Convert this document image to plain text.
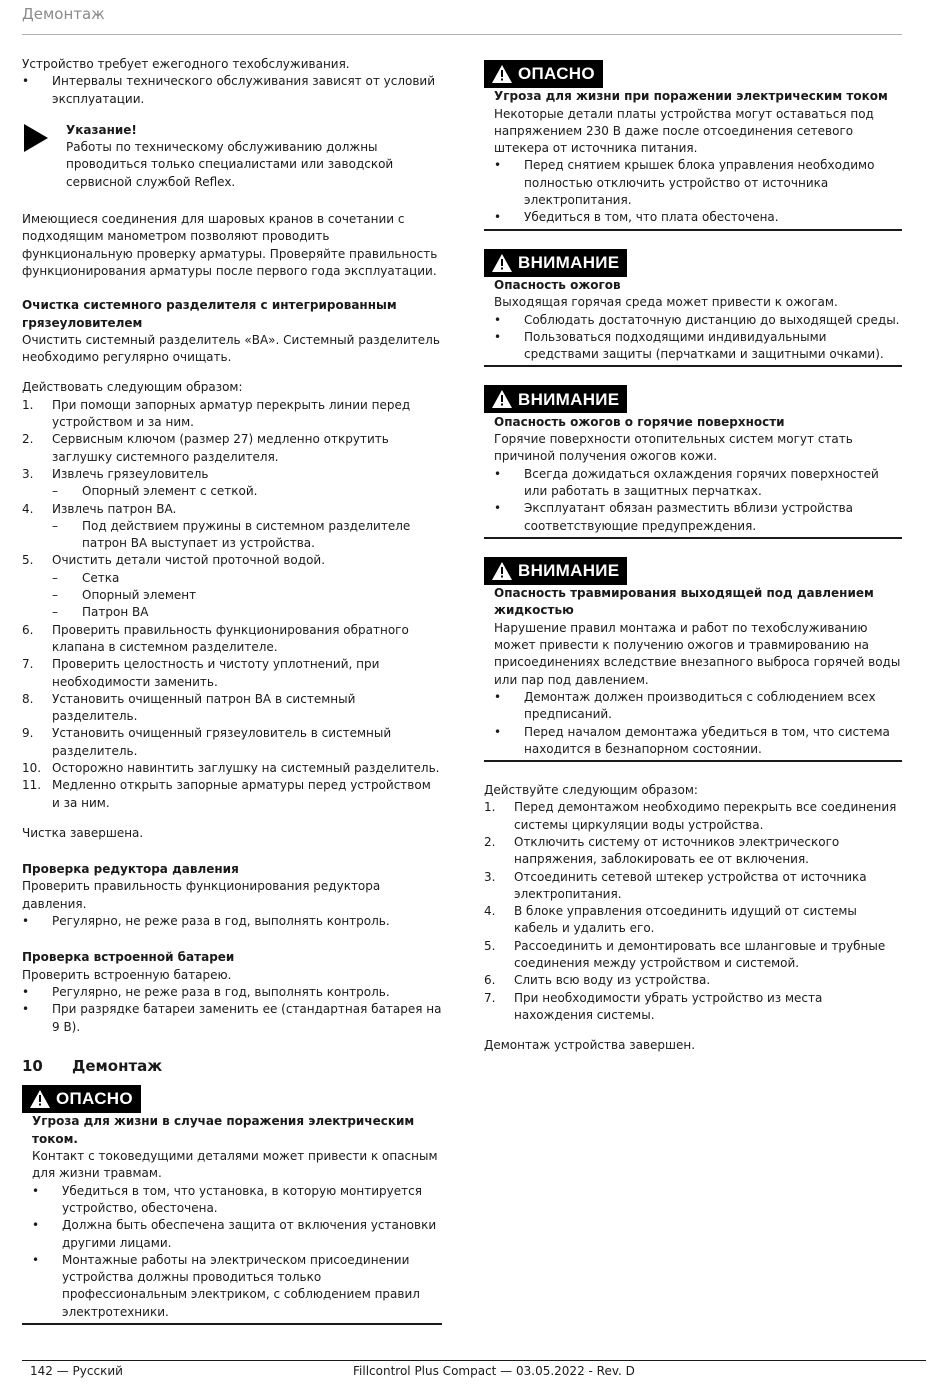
Демонтаж

Устройство требует ежегодного техобслуживания.

•	Интервалы технического обслуживания зависят от условий эксплуатации.

Указание!

Работы по техническому обслуживанию должны проводиться только специалистами или заводской сервисной службой Reflex.

Имеющиеся соединения для шаровых кранов в сочетании с подходящим манометром позволяют проводить функциональную проверку арматуры. Проверяйте правильность функционирования арматуры после первого года эксплуатации.

Очистка системного разделителя с интегрированным грязеуловителем

Очистить системный разделитель «BA». Системный разделитель необходимо регулярно очищать.

Действовать следующим образом:

1.	При помощи запорных арматур перекрыть линии перед устройством и за ним.
2.	Сервисным ключом (размер 27) медленно открутить заглушку системного разделителя.
3.	Извлечь грязеуловитель
–	Опорный элемент с сеткой.
4.	Извлечь патрон BA.
–	Под действием пружины в системном разделителе патрон BA выступает из устройства.
5.	Очистить детали чистой проточной водой.
–	Сетка
–	Опорный элемент
–	Патрон BA
6.	Проверить правильность функционирования обратного клапана в системном разделителе.
7.	Проверить целостность и чистоту уплотнений, при необходимости заменить.
8.	Установить очищенный патрон BA в системный разделитель.
9.	Установить очищенный грязеуловитель в системный разделитель.
10. Осторожно навинтить заглушку на системный разделитель.
11. Медленно открыть запорные арматуры перед устройством и за ним.

Чистка завершена.

Проверка редуктора давления

Проверить правильность функционирования редуктора давления.

•	Регулярно, не реже раза в год, выполнять контроль.

Проверка встроенной батареи

Проверить встроенную батарею.

•	Регулярно, не реже раза в год, выполнять контроль.
•	При разрядке батареи заменить ее (стандартная батарея на 9 В).
10	Демонтаж
ОПАСНО

Угроза для жизни в случае поражения электрическим током.

Контакт с токоведущими деталями может привести к опасным для жизни травмам.

•	Убедиться в том, что установка, в которую монтируется устройство, обесточена.
•	Должна быть обеспечена защита от включения установки другими лицами.
•	Монтажные работы на электрическом присоединении устройства должны проводиться только профессиональным электриком, с соблюдением правил электротехники.
ОПАСНО

Угроза для жизни при поражении электрическим током

Некоторые детали платы устройства могут оставаться под напряжением 230 В даже после отсоединения сетевого штекера от источника питания.

•	Перед снятием крышек блока управления необходимо полностью отключить устройство от источника электропитания.
•	Убедиться в том, что плата обесточена.
ВНИМАНИЕ

Опасность ожогов

Выходящая горячая среда может привести к ожогам.

•	Соблюдать достаточную дистанцию до выходящей среды.
•	Пользоваться подходящими индивидуальными средствами защиты (перчатками и защитными очками).
ВНИМАНИЕ

Опасность ожогов о горячие поверхности

Горячие поверхности отопительных систем могут стать причиной получения ожогов кожи.

•	Всегда дожидаться охлаждения горячих поверхностей или работать в защитных перчатках.
•	Эксплуатант обязан разместить вблизи устройства соответствующие предупреждения.
ВНИМАНИЕ

Опасность травмирования выходящей под давлением жидкостью

Нарушение правил монтажа и работ по техобслуживанию может привести к получению ожогов и травмированию на присоединениях вследствие внезапного выброса горячей воды или пар под давлением.

•	Демонтаж должен производиться с соблюдением всех предписаний.
•	Перед началом демонтажа убедиться в том, что система находится в безнапорном состоянии.

Действуйте следующим образом:

1.	Перед демонтажом необходимо перекрыть все соединения системы циркуляции воды устройства.
2.	Отключить систему от источников электрического напряжения, заблокировать ее от включения.
3.	Отсоединить сетевой штекер устройства от источника электропитания.
4.	В блоке управления отсоединить идущий от системы кабель и удалить его.
5.	Рассоединить и демонтировать все шланговые и трубные соединения между устройством и системой.
6.	Слить всю воду из устройства.
7.	При необходимости убрать устройство из места нахождения системы.

Демонтаж устройства завершен.

142 — Русский	Fillcontrol Plus Compact — 03.05.2022 - Rev. D
